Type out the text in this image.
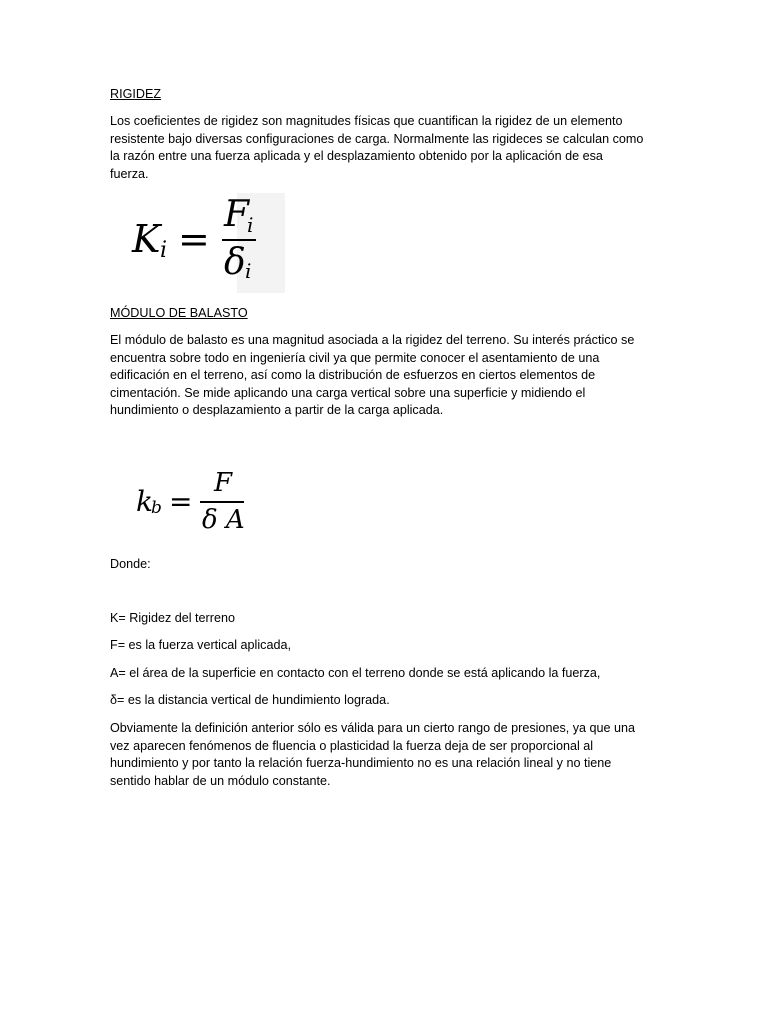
RIGIDEZ
Los coeficientes de rigidez son magnitudes físicas que cuantifican la rigidez de un elemento
resistente bajo diversas configuraciones de carga. Normalmente las rigideces se calculan como
la razón entre una fuerza aplicada y el desplazamiento obtenido por la aplicación de esa
fuerza.
MÓDULO DE BALASTO
El módulo de balasto es una magnitud asociada a la rigidez del terreno. Su interés práctico se
encuentra sobre todo en ingeniería civil ya que permite conocer el asentamiento de una
edificación en el terreno, así como la distribución de esfuerzos en ciertos elementos de
cimentación. Se mide aplicando una carga vertical sobre una superficie y midiendo el
hundimiento o desplazamiento a partir de la carga aplicada.
Donde:
K= Rigidez del terreno
F= es la fuerza vertical aplicada,
A= el área de la superficie en contacto con el terreno donde se está aplicando la fuerza,
δ= es la distancia vertical de hundimiento lograda.
Obviamente la definición anterior sólo es válida para un cierto rango de presiones, ya que una
vez aparecen fenómenos de fluencia o plasticidad la fuerza deja de ser proporcional al
hundimiento y por tanto la relación fuerza-hundimiento no es una relación lineal y no tiene
sentido hablar de un módulo constante.
K i =
F
i
δ i
k
b =
F
δ A
